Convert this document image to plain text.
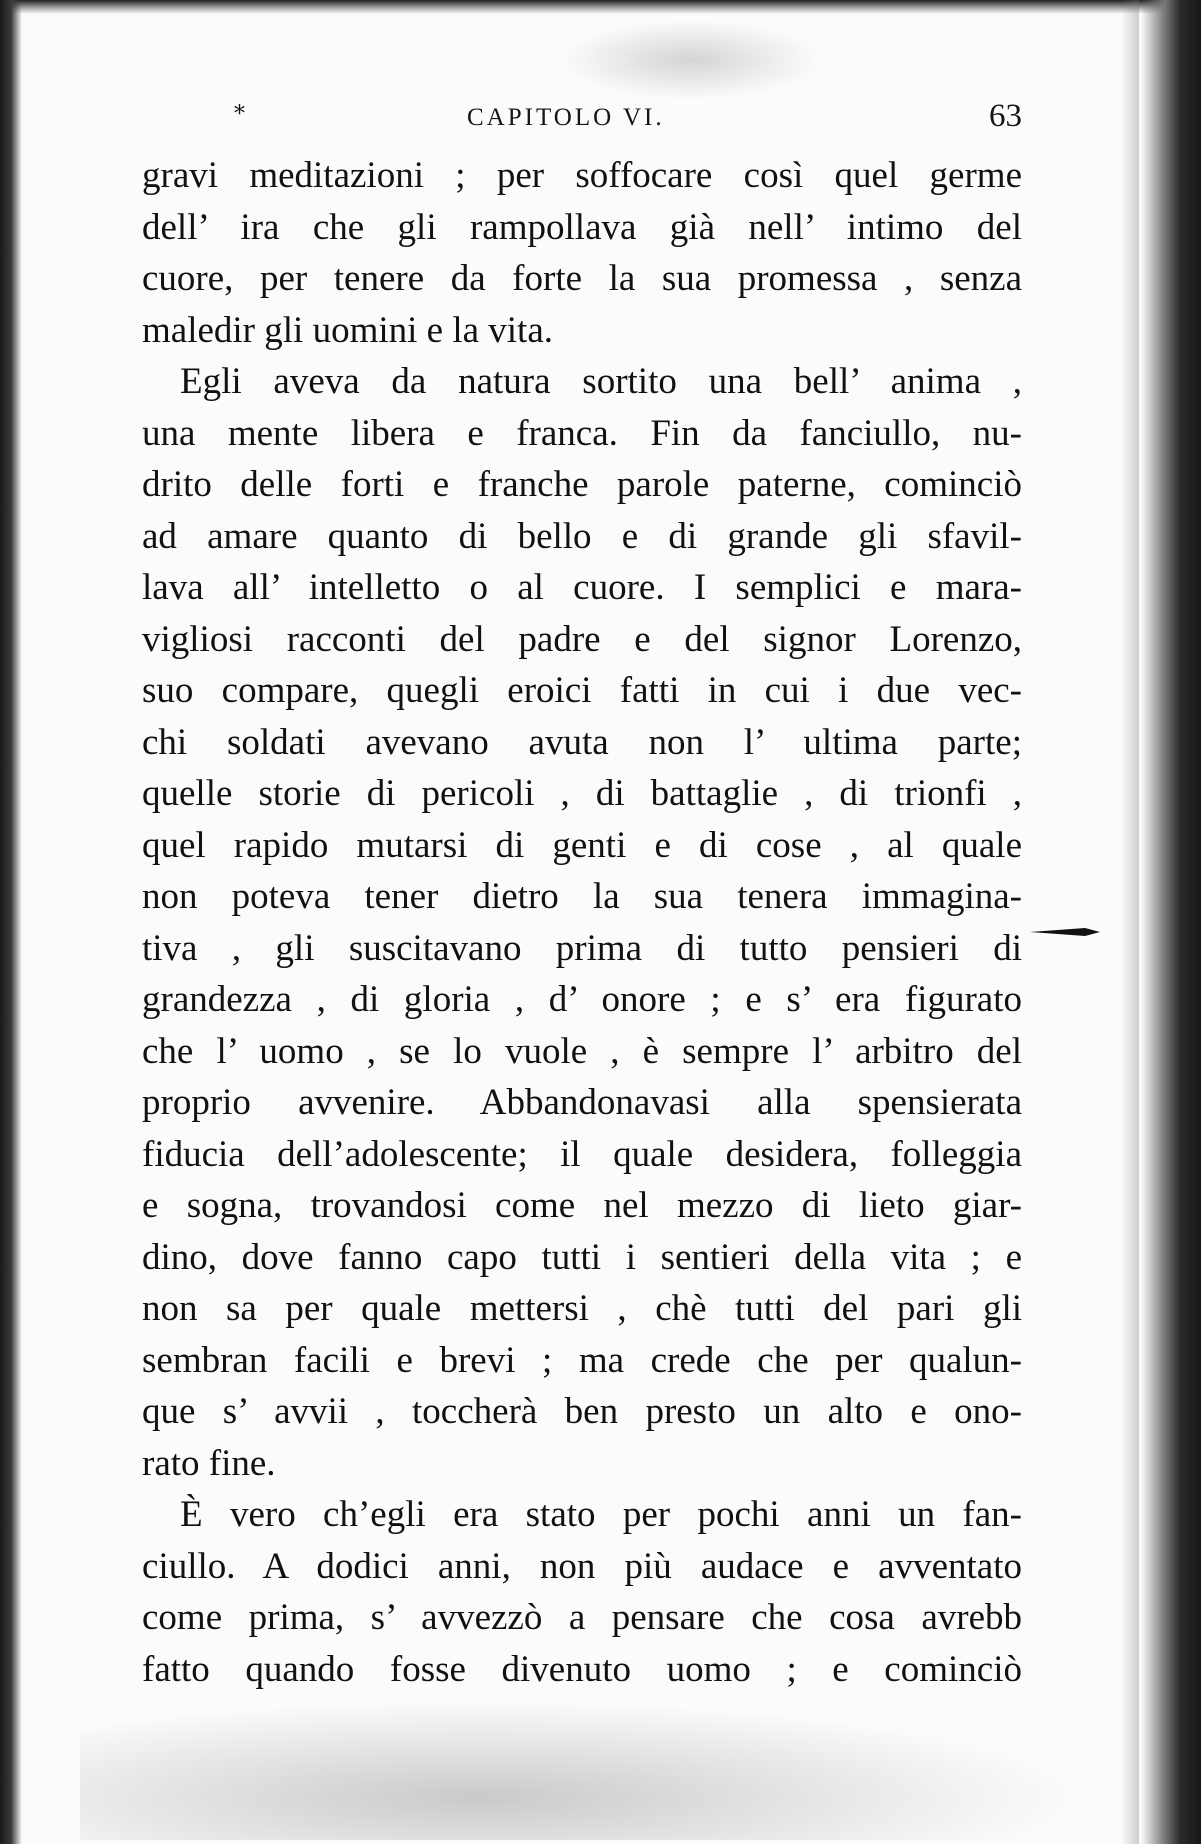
*	CAPITOLO VI.	63
gravi meditazioni ; per soffocare così quel germe
dell’ ira che gli rampollava già nell’ intimo del
cuore, per tenere da forte la sua promessa , senza
maledir gli uomini e la vita.
Egli aveva da natura sortito una bell’ anima ,
una mente libera e franca. Fin da fanciullo, nu-
drito delle forti e franche parole paterne, cominciò
ad amare quanto di bello e di grande gli sfavil-
lava all’ intelletto o al cuore. I semplici e mara-
vigliosi racconti del padre e del signor Lorenzo,
suo compare, quegli eroici fatti in cui i due vec-
chi soldati avevano avuta non l’ ultima parte;
quelle storie di pericoli , di battaglie , di trionfi ,
quel rapido mutarsi di genti e di cose , al quale
non poteva tener dietro la sua tenera immagina-
tiva , gli suscitavano prima di tutto pensieri di
grandezza , di gloria , d’ onore ; e s’ era figurato
che l’ uomo , se lo vuole , è sempre l’ arbitro del
proprio avvenire. Abbandonavasi alla spensierata
fiducia dell’adolescente; il quale desidera, folleggia
e sogna, trovandosi come nel mezzo di lieto giar-
dino, dove fanno capo tutti i sentieri della vita ; e
non sa per quale mettersi , chè tutti del pari gli
sembran facili e brevi ; ma crede che per qualun-
que s’ avvii , toccherà ben presto un alto e ono-
rato fine.
È vero ch’egli era stato per pochi anni un fan-
ciullo. A dodici anni, non più audace e avventato
come prima, s’ avvezzò a pensare che cosa avrebb
fatto quando fosse divenuto uomo ; e cominciò
